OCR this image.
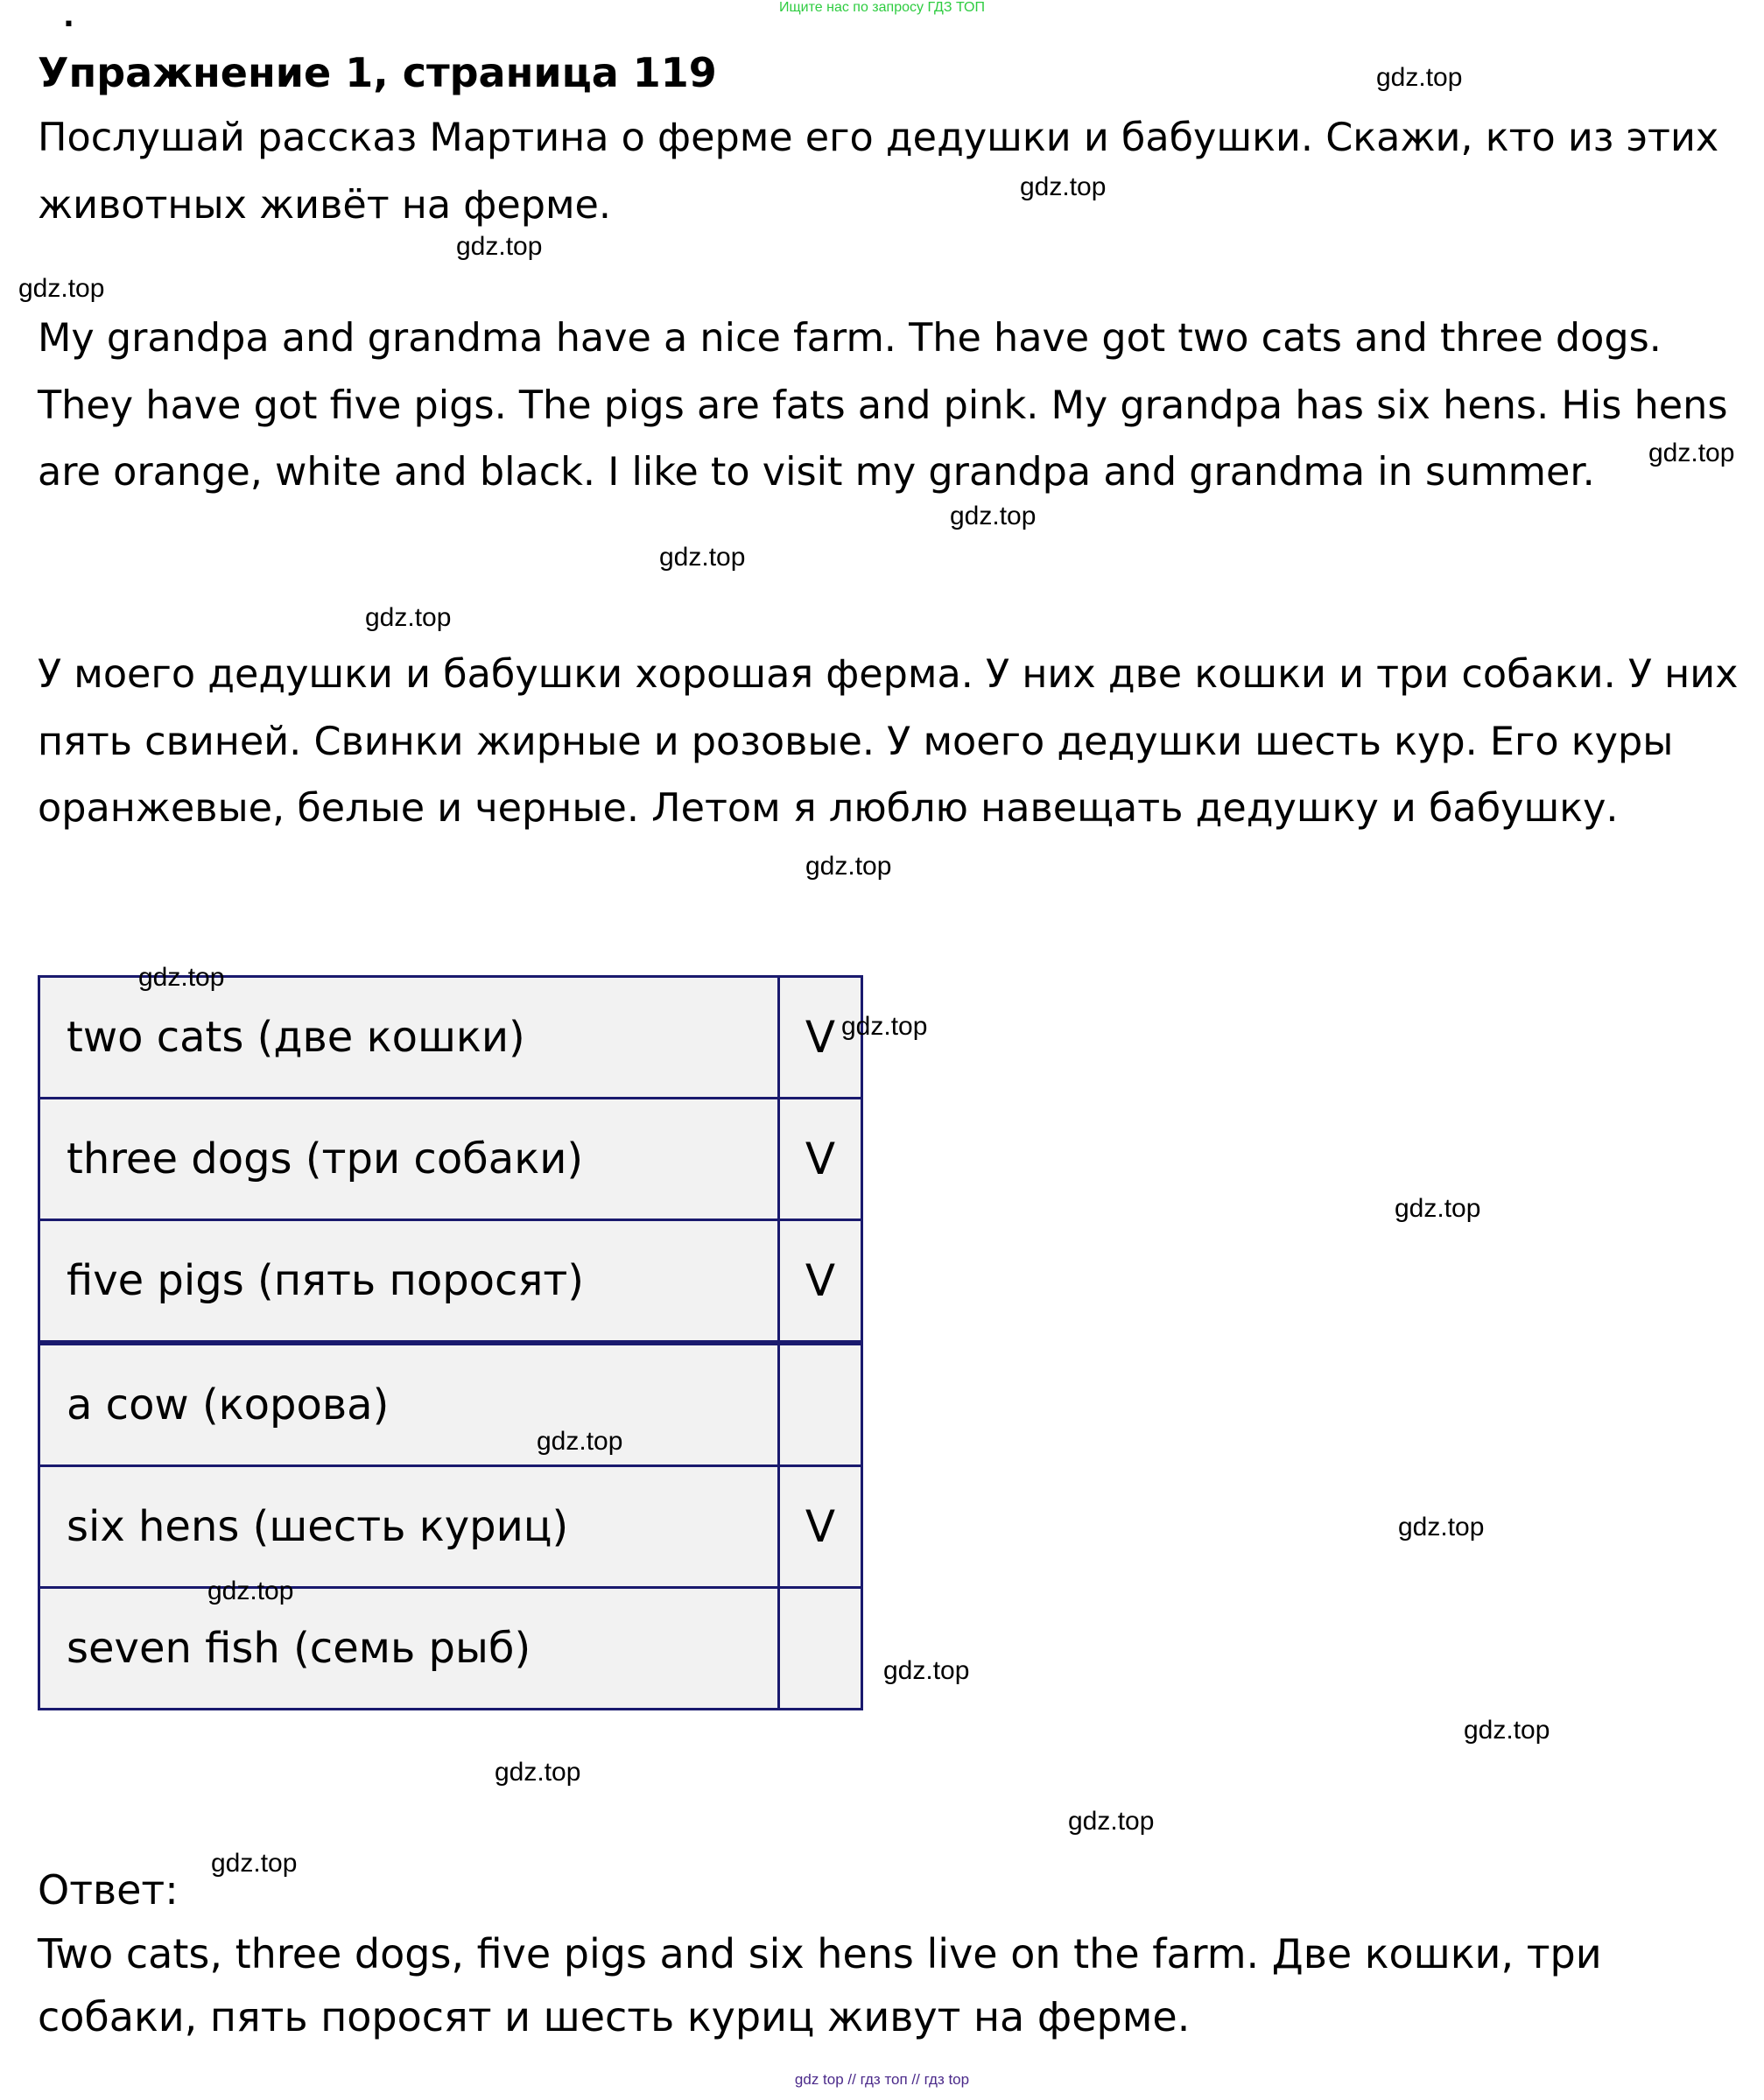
Ищите нас по запросу ГДЗ ТОП
.
Упражнение 1, страница 119

Послушай рассказ Мартина о ферме его дедушки и бабушки. Скажи, кто из этих животных живёт на ферме.

My grandpa and grandma have a nice farm. The have got two cats and three dogs. They have got five pigs. The pigs are fats and pink. My grandpa has six hens. His hens are orange, white and black. I like to visit my grandpa and grandma in summer.

У моего дедушки и бабушки хорошая ферма. У них две кошки и три собаки. У них пять свиней. Свинки жирные и розовые. У моего дедушки шесть кур. Его куры оранжевые, белые и черные. Летом я люблю навещать дедушку и бабушку.

two cats (две кошки)	V
three dogs (три собаки)	V
five pigs (пять поросят)	V
a cow (корова)	
six hens (шесть куриц)	V
seven fish (семь рыб)	
Ответ:

Two cats, three dogs, five pigs and six hens live on the farm. Две кошки, три собаки, пять поросят и шесть куриц живут на ферме.

gdz.top
gdz.top
gdz.top
gdz.top
gdz.top
gdz.top
gdz.top
gdz.top
gdz.top
gdz.top
gdz.top
gdz.top
gdz.top
gdz.top
gdz.top
gdz.top
gdz.top
gdz.top
gdz.top
gdz.top
gdz top // гдз топ // гдз top
